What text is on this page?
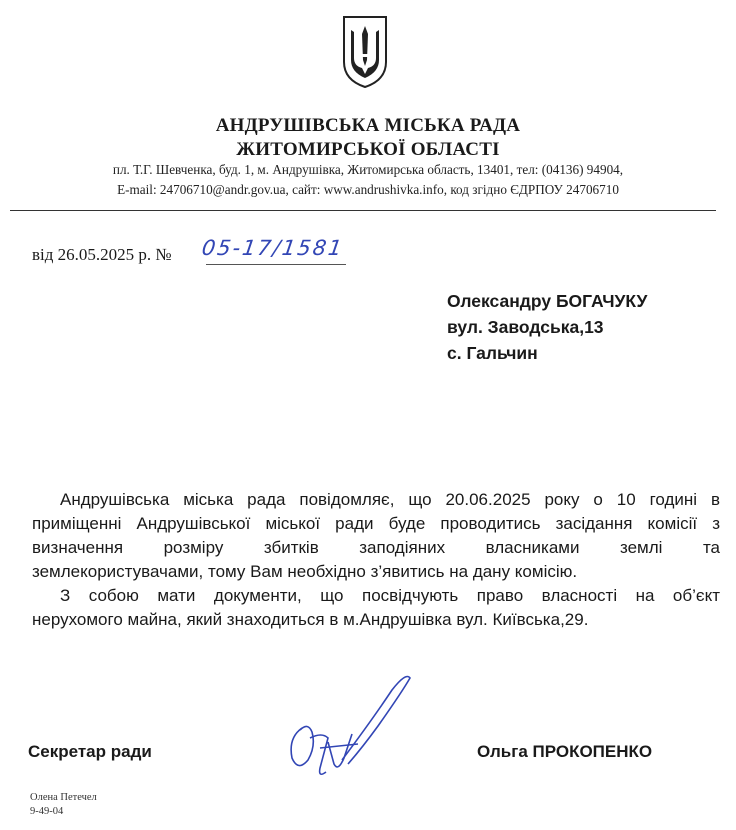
АНДРУШІВСЬКА МІСЬКА РАДА
ЖИТОМИРСЬКОЇ ОБЛАСТІ
пл. Т.Г. Шевченка, буд. 1, м. Андрушівка, Житомирська область, 13401, тел: (04136) 94904,
E-mail: 24706710@andr.gov.ua, сайт: www.andrushivka.info, код згідно ЄДРПОУ 24706710
від 26.05.2025 р. № 05-17/1581
Олександру БОГАЧУКУ
вул. Заводська,13
с. Гальчин
Андрушівська міська рада повідомляє, що 20.06.2025 року о 10 годині в
приміщенні Андрушівської міської ради буде проводитись засідання комісії з
визначення розміру збитків заподіяних власниками землі та
землекористувачами, тому Вам необхідно з’явитись на дану комісію.
З собою мати документи, що посвідчують право власності на об’єкт
нерухомого майна, який знаходиться в м.Андрушівка вул. Київська,29.
Секретар ради	Ольга ПРОКОПЕНКО
Олена Петечел
9-49-04
